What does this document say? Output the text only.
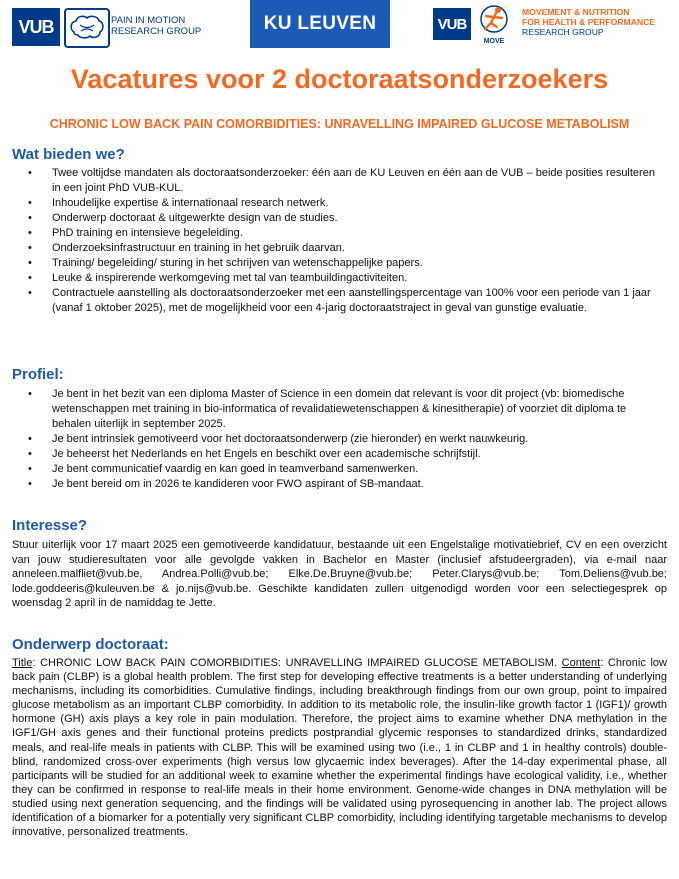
VUB	PAIN IN MOTION
RESEARCH GROUP	KU LEUVEN	VUB
MOVE
MOVEMENT & NUTRITION
FOR HEALTH & PERFORMANCE
RESEARCH GROUP
Vacatures voor 2 doctoraatsonderzoekers
CHRONIC LOW BACK PAIN COMORBIDITIES: UNRAVELLING IMPAIRED GLUCOSE METABOLISM
Wat bieden we?
• Twee voltijdse mandaten als doctoraatsonderzoeker: één aan de KU Leuven en één aan de VUB – beide posities resulteren in een joint PhD VUB-KUL.
• Inhoudelijke expertise & internationaal research netwerk.
• Onderwerp doctoraat & uitgewerkte design van de studies.
• PhD training en intensieve begeleiding.
• Onderzoeksinfrastructuur en training in het gebruik daarvan.
• Training/ begeleiding/ sturing in het schrijven van wetenschappelijke papers.
• Leuke & inspirerende werkomgeving met tal van teambuildingactiviteiten.
• Contractuele aanstelling als doctoraatsonderzoeker met een aanstellingspercentage van 100% voor een periode van 1 jaar (vanaf 1 oktober 2025), met de mogelijkheid voor een 4-jarig doctoraatstraject in geval van gunstige evaluatie.
Profiel:
• Je bent in het bezit van een diploma Master of Science in een domein dat relevant is voor dit project (vb: biomedische wetenschappen met training in bio-informatica of revalidatiewetenschappen & kinesitherapie) of voorziet dit diploma te behalen uiterlijk in september 2025.
• Je bent intrinsiek gemotiveerd voor het doctoraatsonderwerp (zie hieronder) en werkt nauwkeurig.
• Je beheerst het Nederlands en het Engels en beschikt over een academische schrijfstijl.
• Je bent communicatief vaardig en kan goed in teamverband samenwerken.
• Je bent bereid om in 2026 te kandideren voor FWO aspirant of SB-mandaat.
Interesse?

Stuur uiterlijk voor 17 maart 2025 een gemotiveerde kandidatuur, bestaande uit een Engelstalige motivatiebrief, CV en een overzicht van jouw studieresultaten voor alle gevolgde vakken in Bachelor en Master (inclusief afstudeergraden), via e-mail naar anneleen.malfliet@vub.be, Andrea.Polli@vub.be; Elke.De.Bruyne@vub.be; Peter.Clarys@vub.be; Tom.Deliens@vub.be; lode.goddeeris@kuleuven.be & jo.nijs@vub.be. Geschikte kandidaten zullen uitgenodigd worden voor een selectiegesprek op woensdag 2 april in de namiddag te Jette.

Onderwerp doctoraat:

Title: CHRONIC LOW BACK PAIN COMORBIDITIES: UNRAVELLING IMPAIRED GLUCOSE METABOLISM. Content: Chronic low back pain (CLBP) is a global health problem. The first step for developing effective treatments is a better understanding of underlying mechanisms, including its comorbidities. Cumulative findings, including breakthrough findings from our own group, point to impaired glucose metabolism as an important CLBP comorbidity. In addition to its metabolic role, the insulin-like growth factor 1 (IGF1)/ growth hormone (GH) axis plays a key role in pain modulation. Therefore, the project aims to examine whether DNA methylation in the IGF1/GH axis genes and their functional proteins predicts postprandial glycemic responses to standardized drinks, standardized meals, and real-life meals in patients with CLBP. This will be examined using two (i.e., 1 in CLBP and 1 in healthy controls) double-blind, randomized cross-over experiments (high versus low glycaemic index beverages). After the 14-day experimental phase, all participants will be studied for an additional week to examine whether the experimental findings have ecological validity, i.e., whether they can be confirmed in response to real-life meals in their home environment. Genome-wide changes in DNA methylation will be studied using next generation sequencing, and the findings will be validated using pyrosequencing in another lab. The project allows identification of a biomarker for a potentially very significant CLBP comorbidity, including identifying targetable mechanisms to develop innovative, personalized treatments.
